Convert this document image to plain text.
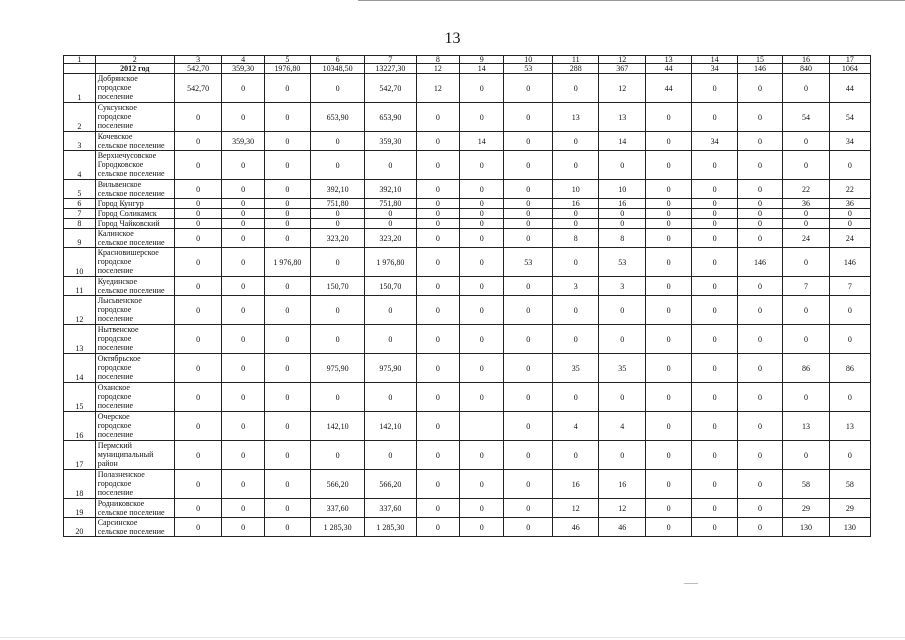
13
1	2	3	4	5	6	7	8	9	10	11	12	13	14	15	16	17
	2012 год	542,70	359,30	1976,80	10348,50	13227,30	12	14	53	288	367	44	34	146	840	1064
1	Добрянское
городское
поселение	542,70	0	0	0	542,70	12	0	0	0	12	44	0	0	0	44
2	Суксунское
городское
поселение	0	0	0	653,90	653,90	0	0	0	13	13	0	0	0	54	54
3	Кочевское
сельское поселение	0	359,30	0	0	359,30	0	14	0	0	14	0	34	0	0	34
4	Верхнечусовское
Городковское
сельское поселение	0	0	0	0	0	0	0	0	0	0	0	0	0	0	0
5	Вильвенское
сельское поселение	0	0	0	392,10	392,10	0	0	0	10	10	0	0	0	22	22
6	Город Кунгур	0	0	0	751,80	751,80	0	0	0	16	16	0	0	0	36	36
7	Город Соликамск	0	0	0	0	0	0	0	0	0	0	0	0	0	0	0
8	Город Чайковский	0	0	0	0	0	0	0	0	0	0	0	0	0	0	0
9	Калинское
сельское поселение	0	0	0	323,20	323,20	0	0	0	8	8	0	0	0	24	24
10	Красновишерское
городское
поселение	0	0	1 976,80	0	1 976,80	0	0	53	0	53	0	0	146	0	146
11	Куединское
сельское поселение	0	0	0	150,70	150,70	0	0	0	3	3	0	0	0	7	7
12	Лысьвенское
городское
поселение	0	0	0	0	0	0	0	0	0	0	0	0	0	0	0
13	Нытвенское
городское
поселение	0	0	0	0	0	0	0	0	0	0	0	0	0	0	0
14	Октябрьское
городское
поселение	0	0	0	975,90	975,90	0	0	0	35	35	0	0	0	86	86
15	Оханское
городское
поселение	0	0	0	0	0	0	0	0	0	0	0	0	0	0	0
16	Очерское
городское
поселение	0	0	0	142,10	142,10	0		0	4	4	0	0	0	13	13
17	Пермский
муниципальный
район	0	0	0	0	0	0	0	0	0	0	0	0	0	0	0
18	Полазненское
городское
поселение	0	0	0	566,20	566,20	0	0	0	16	16	0	0	0	58	58
19	Родниковское
сельское поселение	0	0	0	337,60	337,60	0	0	0	12	12	0	0	0	29	29
20	Сарсинское
сельское поселение	0	0	0	1 285,30	1 285,30	0	0	0	46	46	0	0	0	130	130
